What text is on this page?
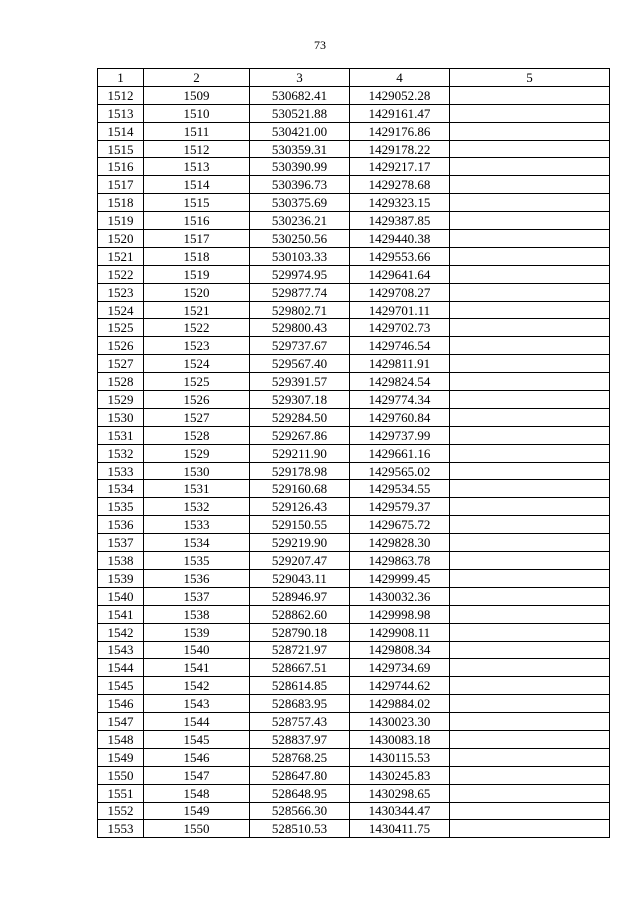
73
1	2	3	4	5
1512	1509	530682.41	1429052.28	
1513	1510	530521.88	1429161.47	
1514	1511	530421.00	1429176.86	
1515	1512	530359.31	1429178.22	
1516	1513	530390.99	1429217.17	
1517	1514	530396.73	1429278.68	
1518	1515	530375.69	1429323.15	
1519	1516	530236.21	1429387.85	
1520	1517	530250.56	1429440.38	
1521	1518	530103.33	1429553.66	
1522	1519	529974.95	1429641.64	
1523	1520	529877.74	1429708.27	
1524	1521	529802.71	1429701.11	
1525	1522	529800.43	1429702.73	
1526	1523	529737.67	1429746.54	
1527	1524	529567.40	1429811.91	
1528	1525	529391.57	1429824.54	
1529	1526	529307.18	1429774.34	
1530	1527	529284.50	1429760.84	
1531	1528	529267.86	1429737.99	
1532	1529	529211.90	1429661.16	
1533	1530	529178.98	1429565.02	
1534	1531	529160.68	1429534.55	
1535	1532	529126.43	1429579.37	
1536	1533	529150.55	1429675.72	
1537	1534	529219.90	1429828.30	
1538	1535	529207.47	1429863.78	
1539	1536	529043.11	1429999.45	
1540	1537	528946.97	1430032.36	
1541	1538	528862.60	1429998.98	
1542	1539	528790.18	1429908.11	
1543	1540	528721.97	1429808.34	
1544	1541	528667.51	1429734.69	
1545	1542	528614.85	1429744.62	
1546	1543	528683.95	1429884.02	
1547	1544	528757.43	1430023.30	
1548	1545	528837.97	1430083.18	
1549	1546	528768.25	1430115.53	
1550	1547	528647.80	1430245.83	
1551	1548	528648.95	1430298.65	
1552	1549	528566.30	1430344.47	
1553	1550	528510.53	1430411.75	
